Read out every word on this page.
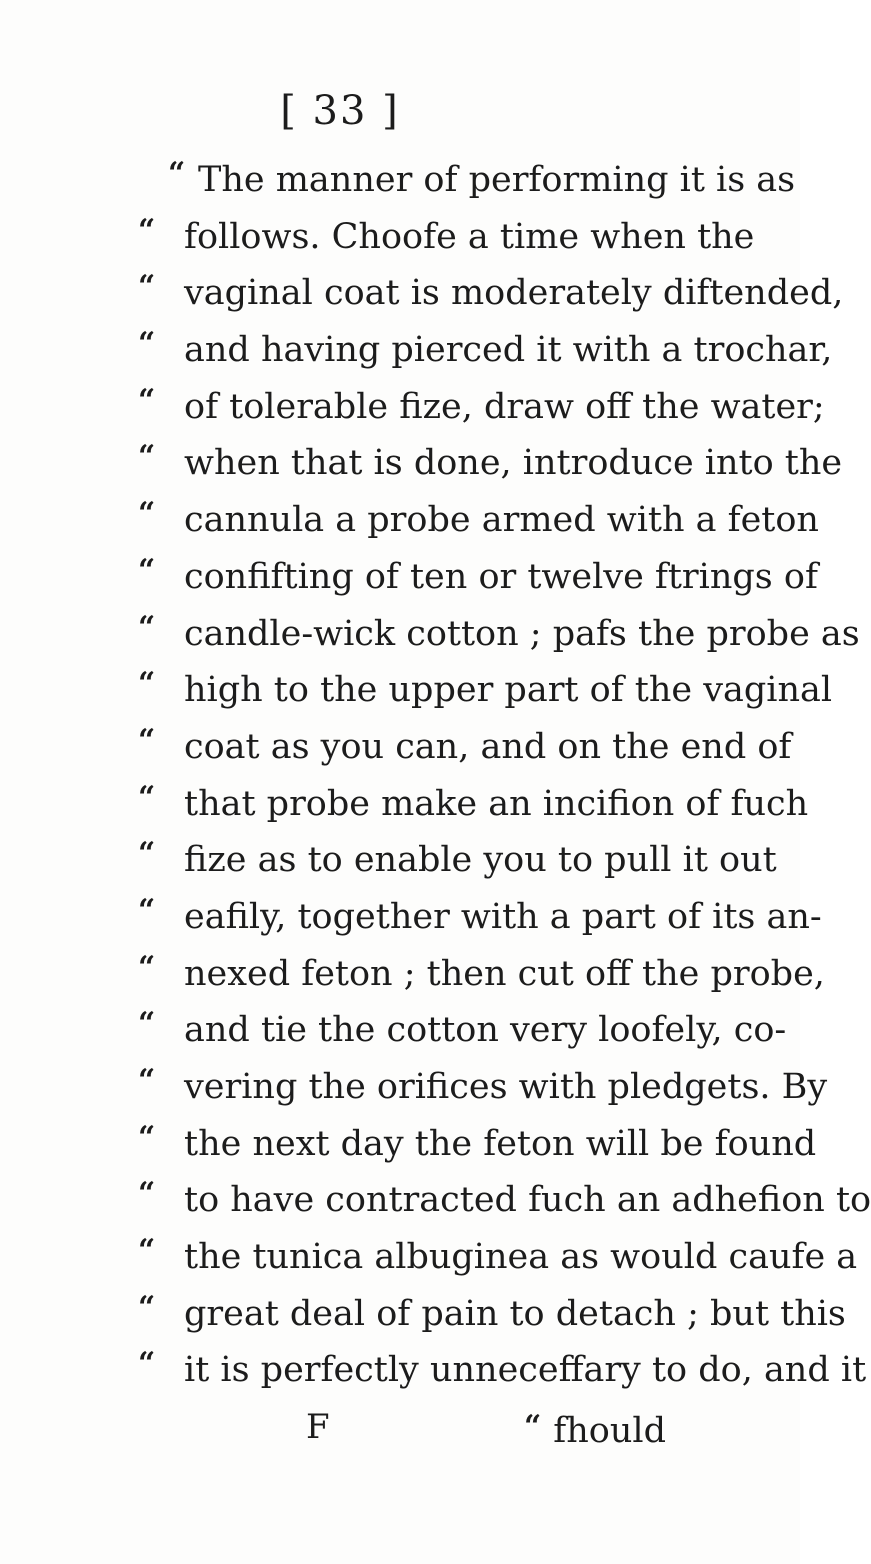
[ 33 ]
“ The manner of performing it is as
“ follows. Choofe a time when the
“ vaginal coat is moderately diftended,
“ and having pierced it with a trochar,
“ of tolerable fize, draw off the water;
“ when that is done, introduce into the
“ cannula a probe armed with a feton
“ confifting of ten or twelve ftrings of
“ candle-wick cotton ; pafs the probe as
“ high to the upper part of the vaginal
“ coat as you can, and on the end of
“ that probe make an incifion of fuch
“ fize as to enable you to pull it out
“ eafily, together with a part of its an-
“ nexed feton ; then cut off the probe,
“ and tie the cotton very loofely, co-
“ vering the orifices with pledgets. By
“ the next day the feton will be found
“ to have contracted fuch an adhefion to
“ the tunica albuginea as would caufe a
“ great deal of pain to detach ; but this
“ it is perfectly unneceffary to do, and it
F	“ fhould
